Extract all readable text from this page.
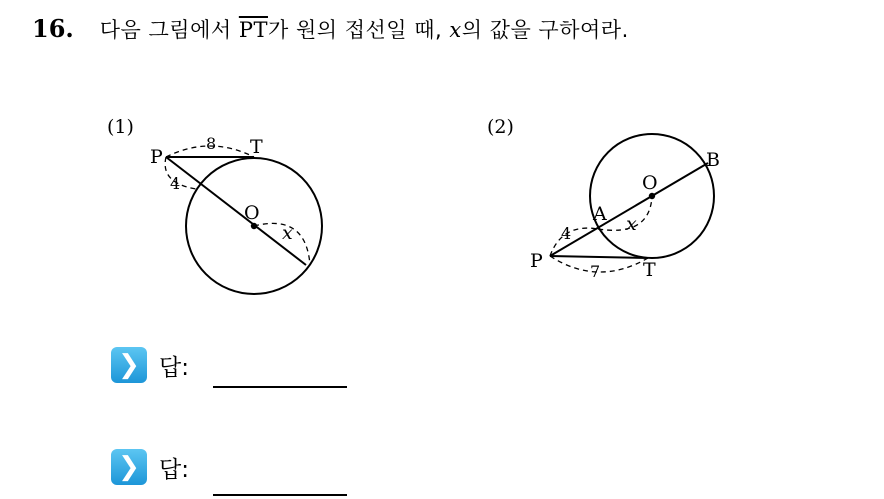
16. 다음 그림에서 $\overline{PT}$가 원의 접선일 때, x의 값을 구하여라.
(1)
P	T
O
8
4
x
(2)
P	T
O
A
B
4
7
x
❯ 답:
❯ 답:
